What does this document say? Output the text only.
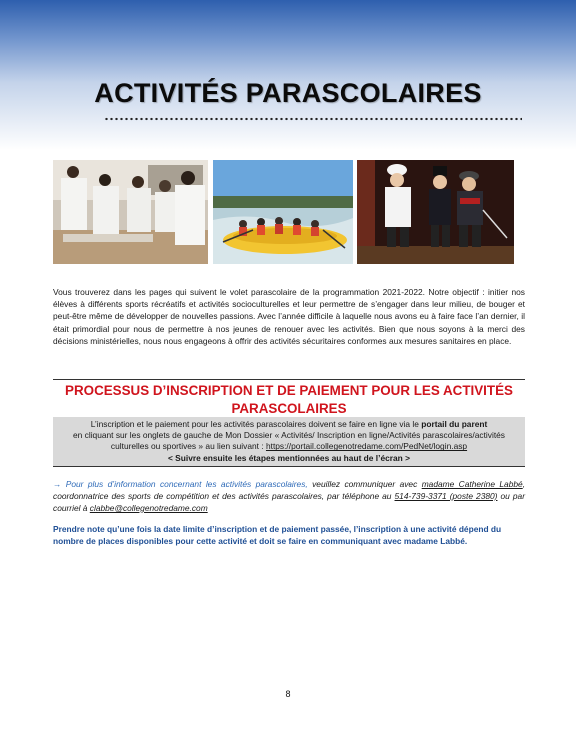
ACTIVITÉS PARASCOLAIRES
Vous trouverez dans les pages qui suivent le volet parascolaire de la programmation 2021-2022. Notre objectif : initier nos élèves à différents sports récréatifs et activités socioculturelles et leur permettre de s’engager dans leur milieu, de bouger et peut-être même de développer de nouvelles passions. Avec l’année difficile à laquelle nous avons eu à faire face l’an dernier, il était primordial pour nous de permettre à nos jeunes de renouer avec les activités. Bien que nous soyons à la merci des décisions ministérielles, nous nous engageons à offrir des activités sécuritaires conformes aux mesures sanitaires en place.
PROCESSUS D’INSCRIPTION ET DE PAIEMENT POUR LES ACTIVITÉS PARASCOLAIRES
L’inscription et le paiement pour les activités parascolaires doivent se faire en ligne via le portail du parent
en cliquant sur les onglets de gauche de Mon Dossier « Activités/ Inscription en ligne/Activités parascolaires/activités culturelles ou sportives » au lien suivant : https://portail.collegenotredame.com/PedNet/login.asp
< Suivre ensuite les étapes mentionnées au haut de l’écran >
→ Pour plus d’information concernant les activités parascolaires, veuillez communiquer avec madame Catherine Labbé, coordonnatrice des sports de compétition et des activités parascolaires, par téléphone au 514-739-3371 (poste 2380) ou par courriel à clabbe@collegenotredame.com
Prendre note qu’une fois la date limite d’inscription et de paiement passée, l’inscription à une activité dépend du nombre de places disponibles pour cette activité et doit se faire en communiquant avec madame Labbé.
8
